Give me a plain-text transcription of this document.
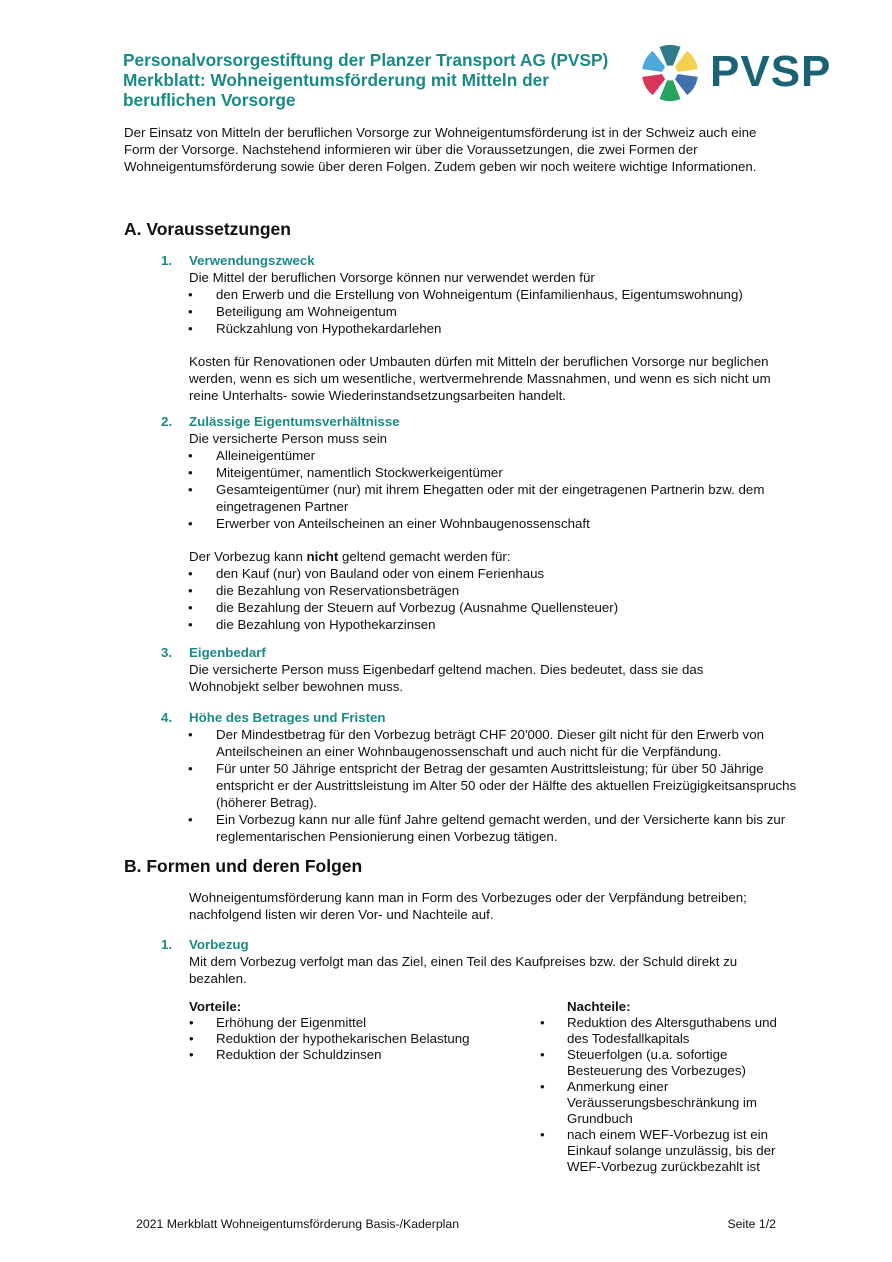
Personalvorsorgestiftung der Planzer Transport AG (PVSP)
Merkblatt: Wohneigentumsförderung mit Mitteln der
beruflichen Vorsorge
PVSP

Der Einsatz von Mitteln der beruflichen Vorsorge zur Wohneigentumsförderung ist in der Schweiz auch eine Form der Vorsorge. Nachstehend informieren wir über die Voraussetzungen, die zwei Formen der Wohneigentumsförderung sowie über deren Folgen. Zudem geben wir noch weitere wichtige Informationen.

A. Voraussetzungen
1. Verwendungszweck
Die Mittel der beruflichen Vorsorge können nur verwendet werden für
• den Erwerb und die Erstellung von Wohneigentum (Einfamilienhaus, Eigentumswohnung)
• Beteiligung am Wohneigentum
• Rückzahlung von Hypothekardarlehen

Kosten für Renovationen oder Umbauten dürfen mit Mitteln der beruflichen Vorsorge nur beglichen werden, wenn es sich um wesentliche, wertvermehrende Massnahmen, und wenn es sich nicht um reine Unterhalts- sowie Wiederinstandsetzungsarbeiten handelt.

2. Zulässige Eigentumsverhältnisse
Die versicherte Person muss sein
• Alleineigentümer
• Miteigentümer, namentlich Stockwerkeigentümer
• Gesamteigentümer (nur) mit ihrem Ehegatten oder mit der eingetragenen Partnerin bzw. dem eingetragenen Partner
• Erwerber von Anteilscheinen an einer Wohnbaugenossenschaft

Der Vorbezug kann nicht geltend gemacht werden für:

• den Kauf (nur) von Bauland oder von einem Ferienhaus
• die Bezahlung von Reservationsbeträgen
• die Bezahlung der Steuern auf Vorbezug (Ausnahme Quellensteuer)
• die Bezahlung von Hypothekarzinsen
3. Eigenbedarf

Die versicherte Person muss Eigenbedarf geltend machen. Dies bedeutet, dass sie das Wohnobjekt selber bewohnen muss.

4. Höhe des Betrages und Fristen
• Der Mindestbetrag für den Vorbezug beträgt CHF 20'000. Dieser gilt nicht für den Erwerb von Anteilscheinen an einer Wohnbaugenossenschaft und auch nicht für die Verpfändung.
• Für unter 50 Jährige entspricht der Betrag der gesamten Austrittsleistung; für über 50 Jährige entspricht er der Austrittsleistung im Alter 50 oder der Hälfte des aktuellen Freizügigkeitsanspruchs (höherer Betrag).
• Ein Vorbezug kann nur alle fünf Jahre geltend gemacht werden, und der Versicherte kann bis zur reglementarischen Pensionierung einen Vorbezug tätigen.
B. Formen und deren Folgen

Wohneigentumsförderung kann man in Form des Vorbezuges oder der Verpfändung betreiben; nachfolgend listen wir deren Vor- und Nachteile auf.

1. Vorbezug

Mit dem Vorbezug verfolgt man das Ziel, einen Teil des Kaufpreises bzw. der Schuld direkt zu bezahlen.

Vorteile:
• Erhöhung der Eigenmittel
• Reduktion der hypothekarischen Belastung
• Reduktion der Schuldzinsen
Nachteile:
• Reduktion des Altersguthabens und des Todesfallkapitals
• Steuerfolgen (u.a. sofortige Besteuerung des Vorbezuges)
• Anmerkung einer Veräusserungsbeschränkung im Grundbuch
• nach einem WEF-Vorbezug ist ein Einkauf solange unzulässig, bis der WEF-Vorbezug zurückbezahlt ist
2021 Merkblatt Wohneigentumsförderung Basis-/Kaderplan	Seite 1/2
